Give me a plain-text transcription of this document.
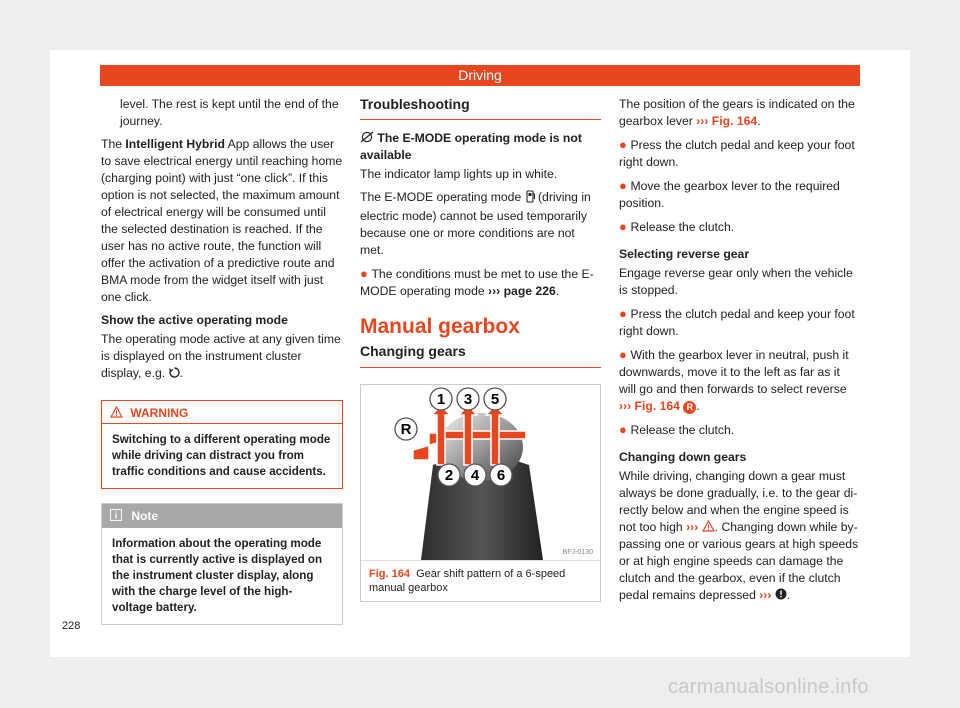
Driving

level. The rest is kept until the end of the journey.

The Intelligent Hybrid App allows the user to save electrical energy until reaching home (charging point) with just “one click”. If this option is not selected, the maximum amount of electrical energy will be consumed until the selected destination is reached. If the user has no active route, the function will offer the activation of a predictive route and BMA mode from the widget itself with just one click.

Show the active operating mode

The operating mode active at any given time is displayed on the instrument cluster display, e.g. .

WARNING
Switching to a different operating mode while driving can distract you from traffic conditions and cause accidents.
Note
Information about the operating mode that is currently active is displayed on the instrument cluster display, along with the charge level of the high-voltage battery.

Troubleshooting

The E-MODE operating mode is not available

The indicator lamp lights up in white.

The E-MODE operating mode  (driving in electric mode) cannot be used temporarily because one or more conditions are not met.

● The conditions must be met to use the E-MODE operating mode ››› page 226.

Manual gearbox

Changing gears

1 3 5
R
2 4 6
BFJ-0130
Fig. 164 Gear shift pattern of a 6-speed manual gearbox

The position of the gears is indicated on the gearbox lever ››› Fig. 164.

● Press the clutch pedal and keep your foot right down.

● Move the gearbox lever to the required position.

● Release the clutch.

Selecting reverse gear

Engage reverse gear only when the vehicle is stopped.

● Press the clutch pedal and keep your foot right down.

● With the gearbox lever in neutral, push it downwards, move it to the left as far as it will go and then forwards to select reverse ››› Fig. 164 R .

● Release the clutch.

Changing down gears

While driving, changing down a gear must always be done gradually, i.e. to the gear directly below and when the engine speed is not too high ››› . Changing down while bypassing one or various gears at high speeds or at high engine speeds can damage the clutch and the gearbox, even if the clutch pedal remains depressed ››› .

228
carmanualsonline.info
